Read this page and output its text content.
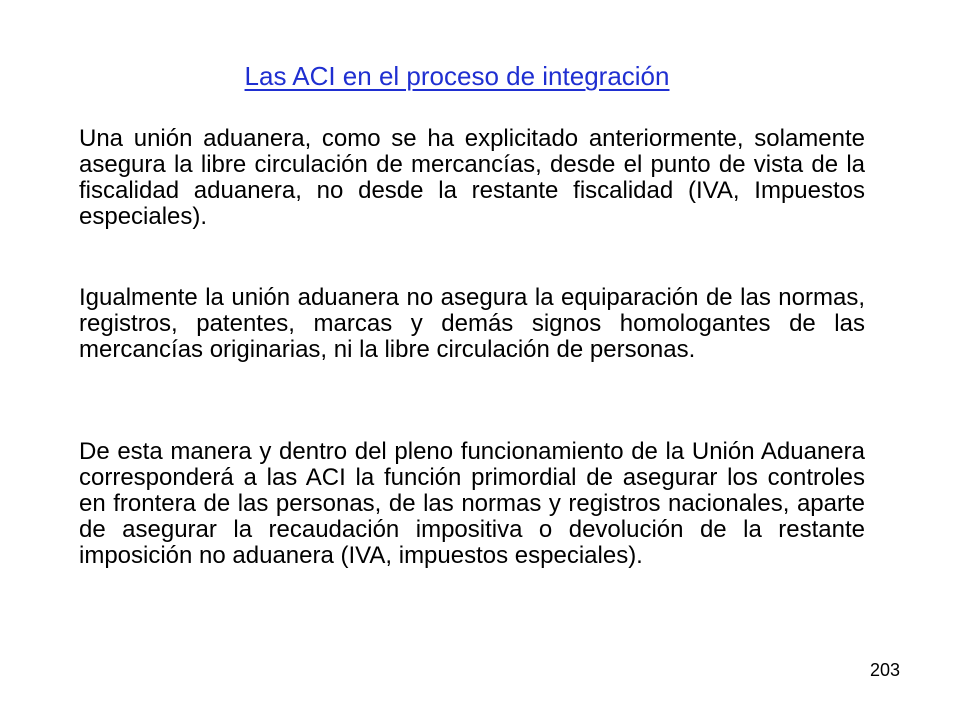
Las ACI en el proceso de integración

Una unión aduanera, como se ha explicitado anteriormente, solamente asegura la libre circulación de mercancías, desde el punto de vista de la fiscalidad aduanera, no desde la restante fiscalidad (IVA, Impuestos especiales).

Igualmente la unión aduanera no asegura la equiparación de las normas, registros, patentes, marcas y demás signos homologantes de las mercancías originarias, ni la libre circulación de personas.

De esta manera y dentro del pleno funcionamiento de la Unión Aduanera corresponderá a las ACI la función primordial de asegurar los controles en frontera de las personas, de las normas y registros nacionales, aparte de asegurar la recaudación impositiva o devolución de la restante imposición no aduanera (IVA, impuestos especiales).

203
